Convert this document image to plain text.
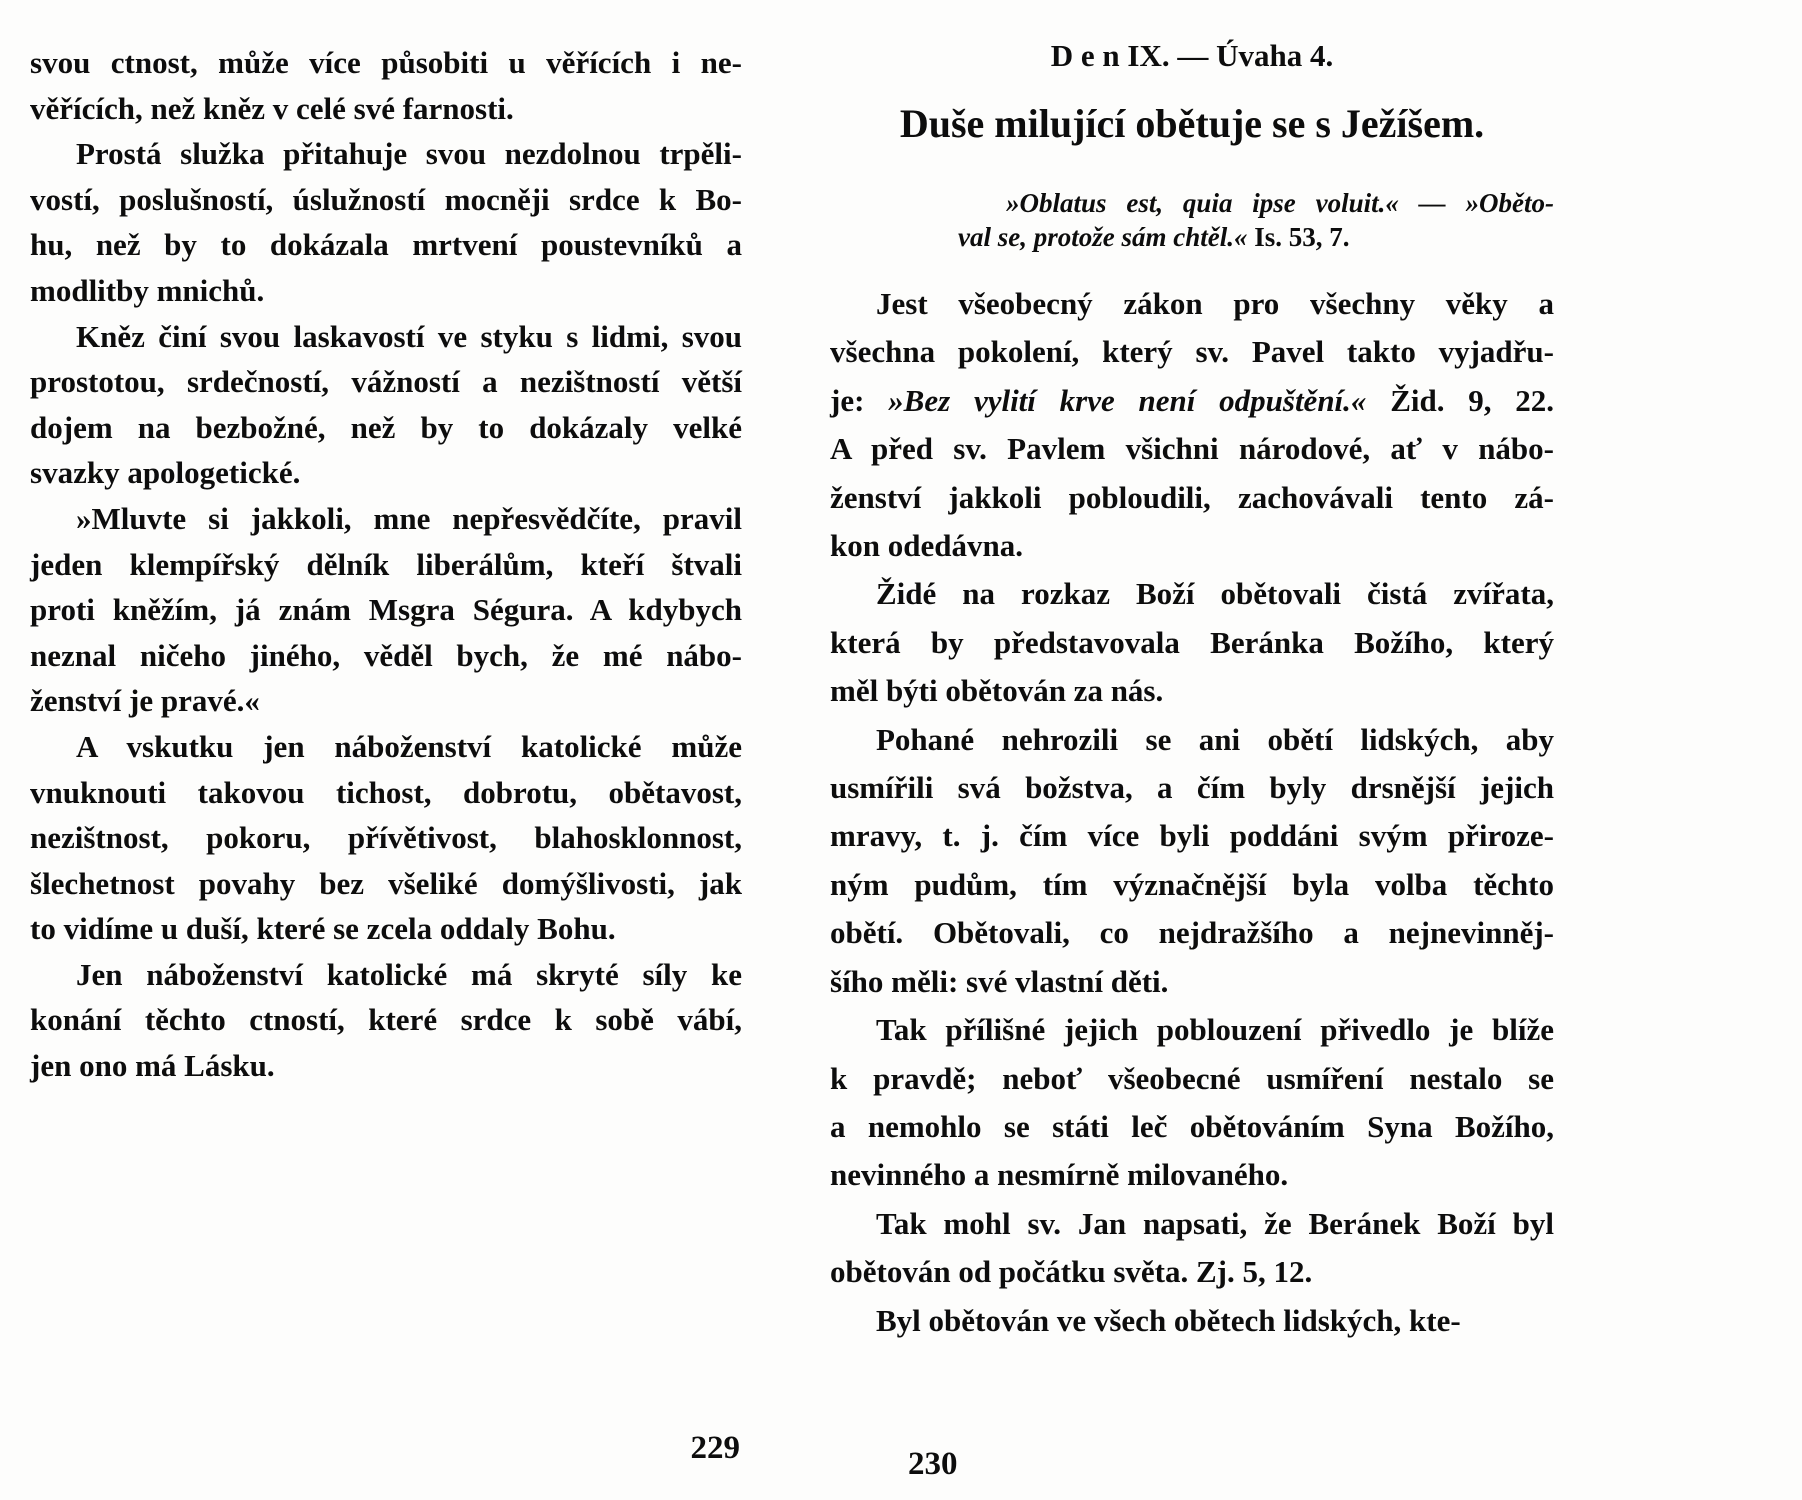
svou ctnost, může více působiti u věřících i ne-
věřících, než kněz v celé své farnosti.
Prostá služka přitahuje svou nezdolnou trpěli-
vostí, poslušností, úslužností mocněji srdce k Bo-
hu, než by to dokázala mrtvení poustevníků a
modlitby mnichů.
Kněz činí svou laskavostí ve styku s lidmi, svou
prostotou, srdečností, vážností a nezištností větší
dojem na bezbožné, než by to dokázaly velké
svazky apologetické.
»Mluvte si jakkoli, mne nepřesvědčíte, pravil
jeden klempířský dělník liberálům, kteří štvali
proti kněžím, já znám Msgra Ségura. A kdybych
neznal ničeho jiného, věděl bych, že mé nábo-
ženství je pravé.«
A vskutku jen náboženství katolické může
vnuknouti takovou tichost, dobrotu, obětavost,
nezištnost, pokoru, přívětivost, blahosklonnost,
šlechetnost povahy bez všeliké domýšlivosti, jak
to vidíme u duší, které se zcela oddaly Bohu.
Jen náboženství katolické má skryté síly ke
konání těchto ctností, které srdce k sobě vábí,
jen ono má Lásku.
229
D e n IX. — Úvaha 4.
Duše milující obětuje se s Ježíšem.
»Oblatus est, quia ipse voluit.« — »Oběto-
val se, protože sám chtěl.« Is. 53, 7.
Jest všeobecný zákon pro všechny věky a
všechna pokolení, který sv. Pavel takto vyjadřu-
je: »Bez vylití krve není odpuštění.« Žid. 9, 22.
A před sv. Pavlem všichni národové, ať v nábo-
ženství jakkoli pobloudili, zachovávali tento zá-
kon odedávna.
Židé na rozkaz Boží obětovali čistá zvířata,
která by představovala Beránka Božího, který
měl býti obětován za nás.
Pohané nehrozili se ani obětí lidských, aby
usmířili svá božstva, a čím byly drsnější jejich
mravy, t. j. čím více byli poddáni svým přiroze-
ným pudům, tím význačnější byla volba těchto
obětí. Obětovali, co nejdražšího a nejnevinněj-
šího měli: své vlastní děti.
Tak přílišné jejich poblouzení přivedlo je blíže
k pravdě; neboť všeobecné usmíření nestalo se
a nemohlo se státi leč obětováním Syna Božího,
nevinného a nesmírně milovaného.
Tak mohl sv. Jan napsati, že Beránek Boží byl
obětován od počátku světa. Zj. 5, 12.
Byl obětován ve všech obětech lidských, kte-
230
